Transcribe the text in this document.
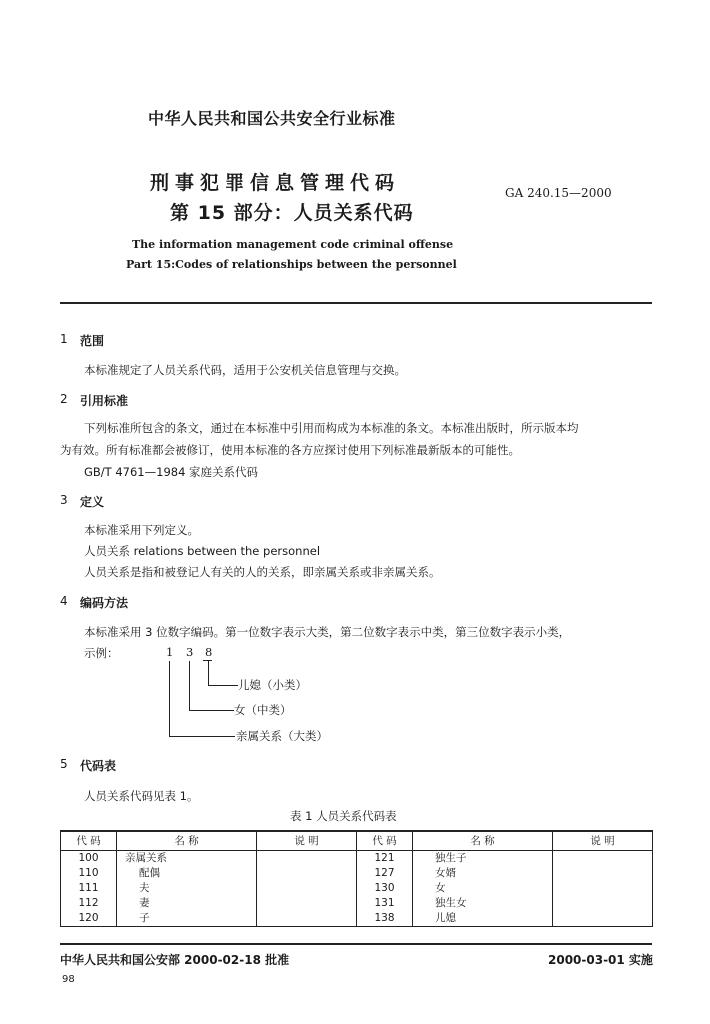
中华人民共和国公共安全行业标准
刑事犯罪信息管理代码
第 15 部分：人员关系代码
GA 240.15—2000
The information management code criminal offense
Part 15:Codes of relationships between the personnel
1 范围
本标准规定了人员关系代码，适用于公安机关信息管理与交换。
2 引用标准
下列标准所包含的条文，通过在本标准中引用而构成为本标准的条文。本标准出版时，所示版本均
为有效。所有标准都会被修订，使用本标准的各方应探讨使用下列标准最新版本的可能性。
GB/T 4761—1984 家庭关系代码
3 定义
本标准采用下列定义。
人员关系 relations between the personnel
人员关系是指和被登记人有关的人的关系，即亲属关系或非亲属关系。
4 编码方法
本标准采用 3 位数字编码。第一位数字表示大类，第二位数字表示中类，第三位数字表示小类，
示例：	1 3 8
儿媳（小类）
女（中类）
亲属关系（大类）
5 代码表
人员关系代码见表 1。
表 1 人员关系代码表
代 码	名 称	说 明	代 码	名 称	说 明
100	亲属关系		121	独生子	
110	配偶		127	女婿	
111	夫		130	女	
112	妻		131	独生女	
120	子		138	儿媳	
中华人民共和国公安部 2000-02-18 批准	2000-03-01 实施
98
